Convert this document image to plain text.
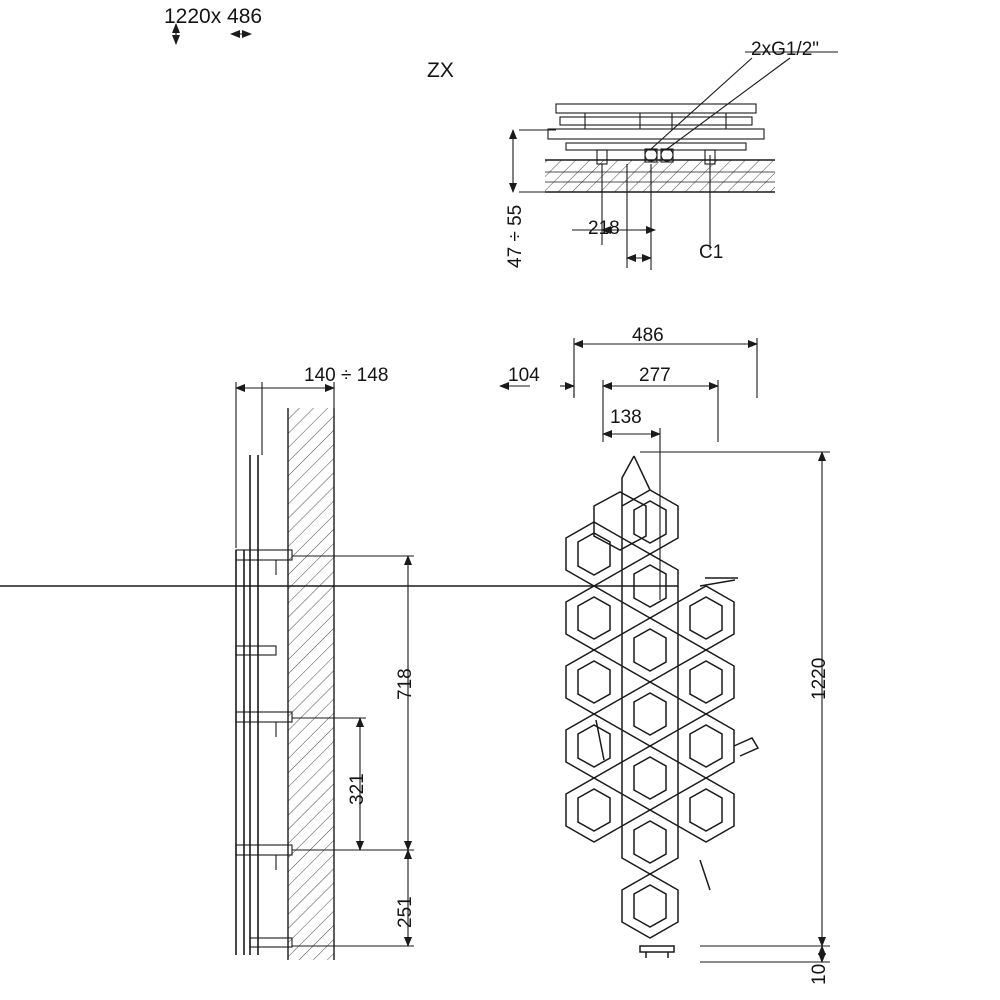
1220x 486
ZX
2xG1/2"
47 ÷ 55	218
C1
140 ÷ 148
718
321
251
486
104	277
138
1220
10
